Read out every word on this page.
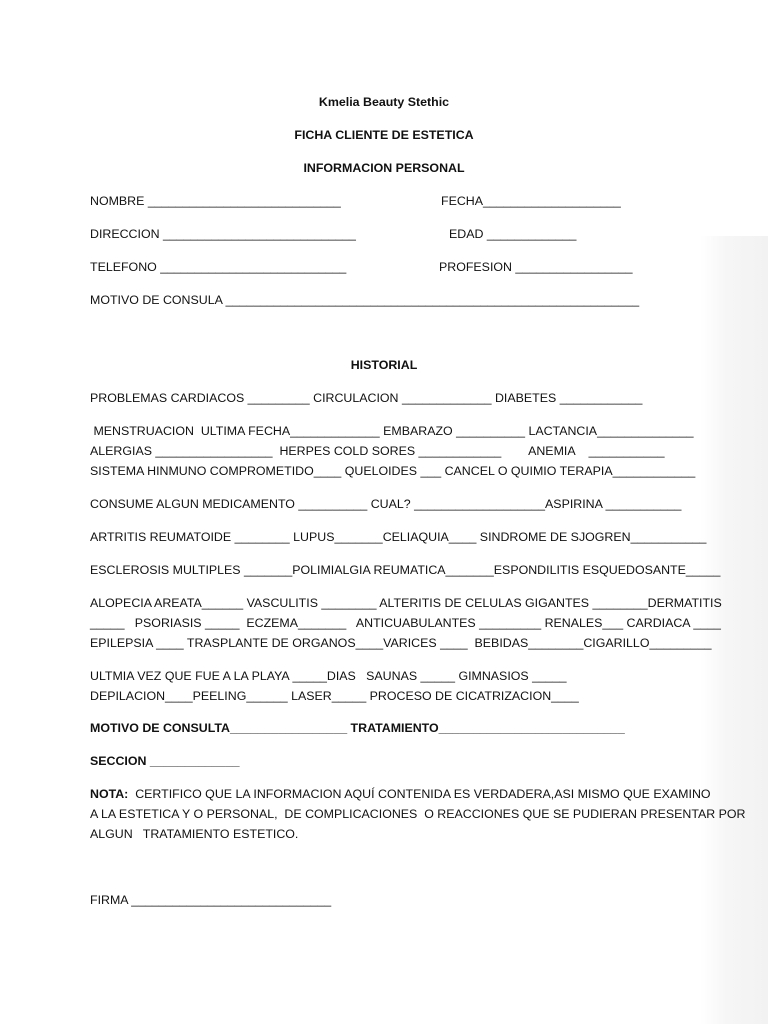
Kmelia Beauty Stethic
FICHA CLIENTE DE ESTETICA
INFORMACION PERSONAL
NOMBRE ____________________________	FECHA____________________
DIRECCION ____________________________	EDAD _____________
TELEFONO ___________________________	PROFESION _________________
MOTIVO DE CONSULA ____________________________________________________________
HISTORIAL
PROBLEMAS CARDIACOS _________ CIRCULACION _____________ DIABETES ____________
MENSTRUACION  ULTIMA FECHA_____________ EMBARAZO __________ LACTANCIA______________
ALERGIAS _________________  HERPES COLD SORES ____________        ANEMIA    ___________
SISTEMA HINMUNO COMPROMETIDO____ QUELOIDES ___ CANCEL O QUIMIO TERAPIA____________
CONSUME ALGUN MEDICAMENTO __________ CUAL? ___________________ASPIRINA ___________
ARTRITIS REUMATOIDE ________ LUPUS_______CELIAQUIA____ SINDROME DE SJOGREN___________
ESCLEROSIS MULTIPLES _______POLIMIALGIA REUMATICA_______ESPONDILITIS ESQUEDOSANTE_____
ALOPECIA AREATA______ VASCULITIS ________ ALTERITIS DE CELULAS GIGANTES ________DERMATITIS
_____   PSORIASIS _____  ECZEMA_______   ANTICUABULANTES _________ RENALES___ CARDIACA ____
EPILEPSIA ____ TRASPLANTE DE ORGANOS____VARICES ____  BEBIDAS________CIGARILLO_________
ULTMIA VEZ QUE FUE A LA PLAYA _____DIAS   SAUNAS _____ GIMNASIOS _____
DEPILACION____PEELING______ LASER_____ PROCESO DE CICATRIZACION____
MOTIVO DE CONSULTA_________________ TRATAMIENTO___________________________
SECCION _____________
NOTA:  CERTIFICO QUE LA INFORMACION AQUÍ CONTENIDA ES VERDADERA,ASI MISMO QUE EXAMINO
A LA ESTETICA Y O PERSONAL,  DE COMPLICACIONES  O REACCIONES QUE SE PUDIERAN PRESENTAR POR
ALGUN   TRATAMIENTO ESTETICO.
FIRMA _____________________________
